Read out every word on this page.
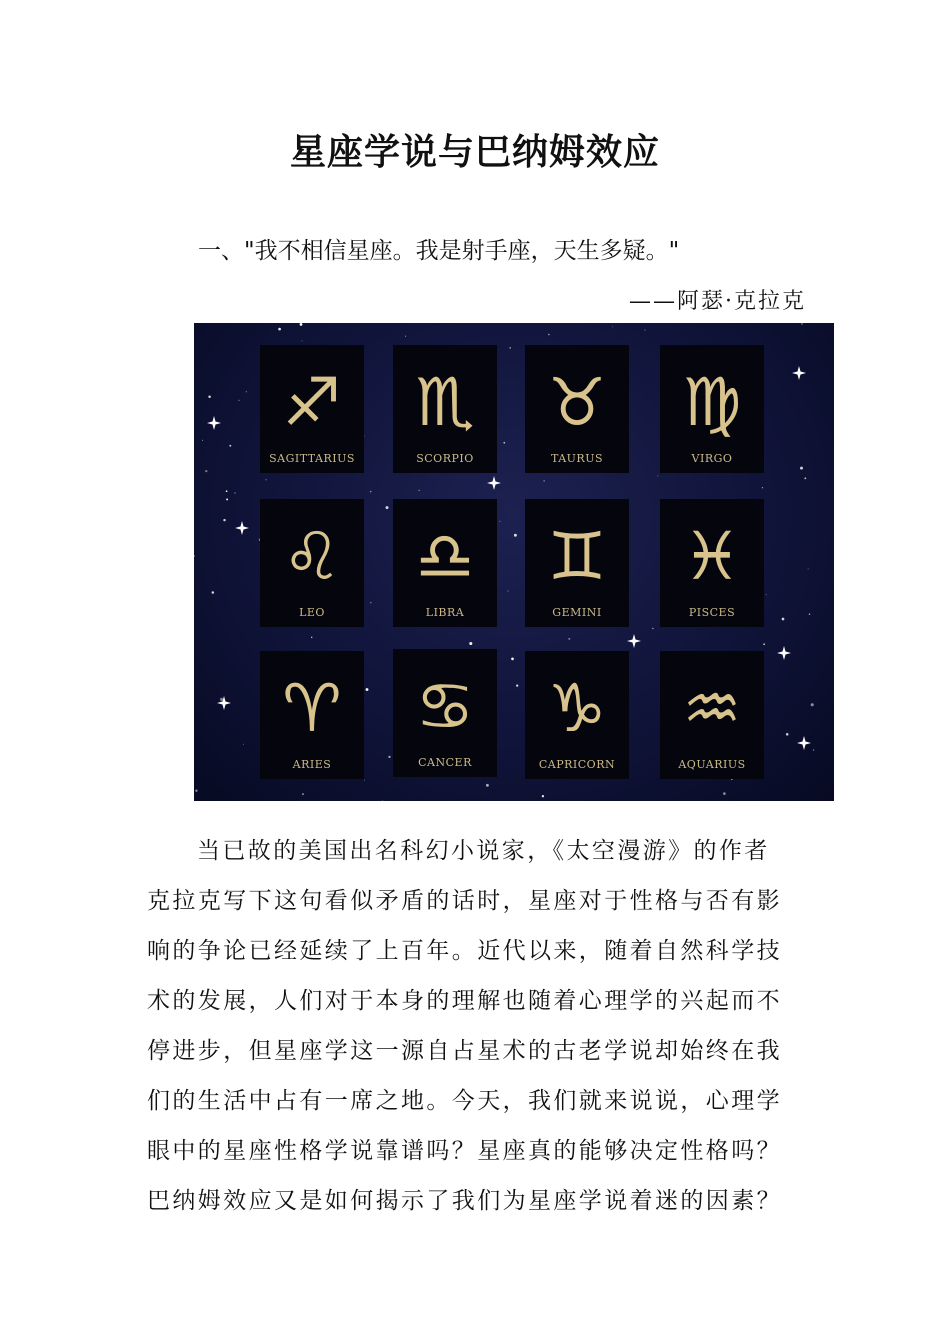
星座学说与巴纳姆效应
一、"我不相信星座。我是射手座，天生多疑。"
——阿瑟·克拉克
♐
SAGITTARIUS
♏
SCORPIO
♉
TAURUS
♍
VIRGO
♌
LEO
♎
LIBRA
♊
GEMINI
♓
PISCES
♈
ARIES
♋
CANCER
♑
CAPRICORN
♒
AQUARIUS
当已故的美国出名科幻小说家，《太空漫游》的作者
克拉克写下这句看似矛盾的话时，星座对于性格与否有影
响的争论已经延续了上百年。近代以来，随着自然科学技
术的发展，人们对于本身的理解也随着心理学的兴起而不
停进步，但星座学这一源自占星术的古老学说却始终在我
们的生活中占有一席之地。今天，我们就来说说，心理学
眼中的星座性格学说靠谱吗？星座真的能够决定性格吗？
巴纳姆效应又是如何揭示了我们为星座学说着迷的因素？
